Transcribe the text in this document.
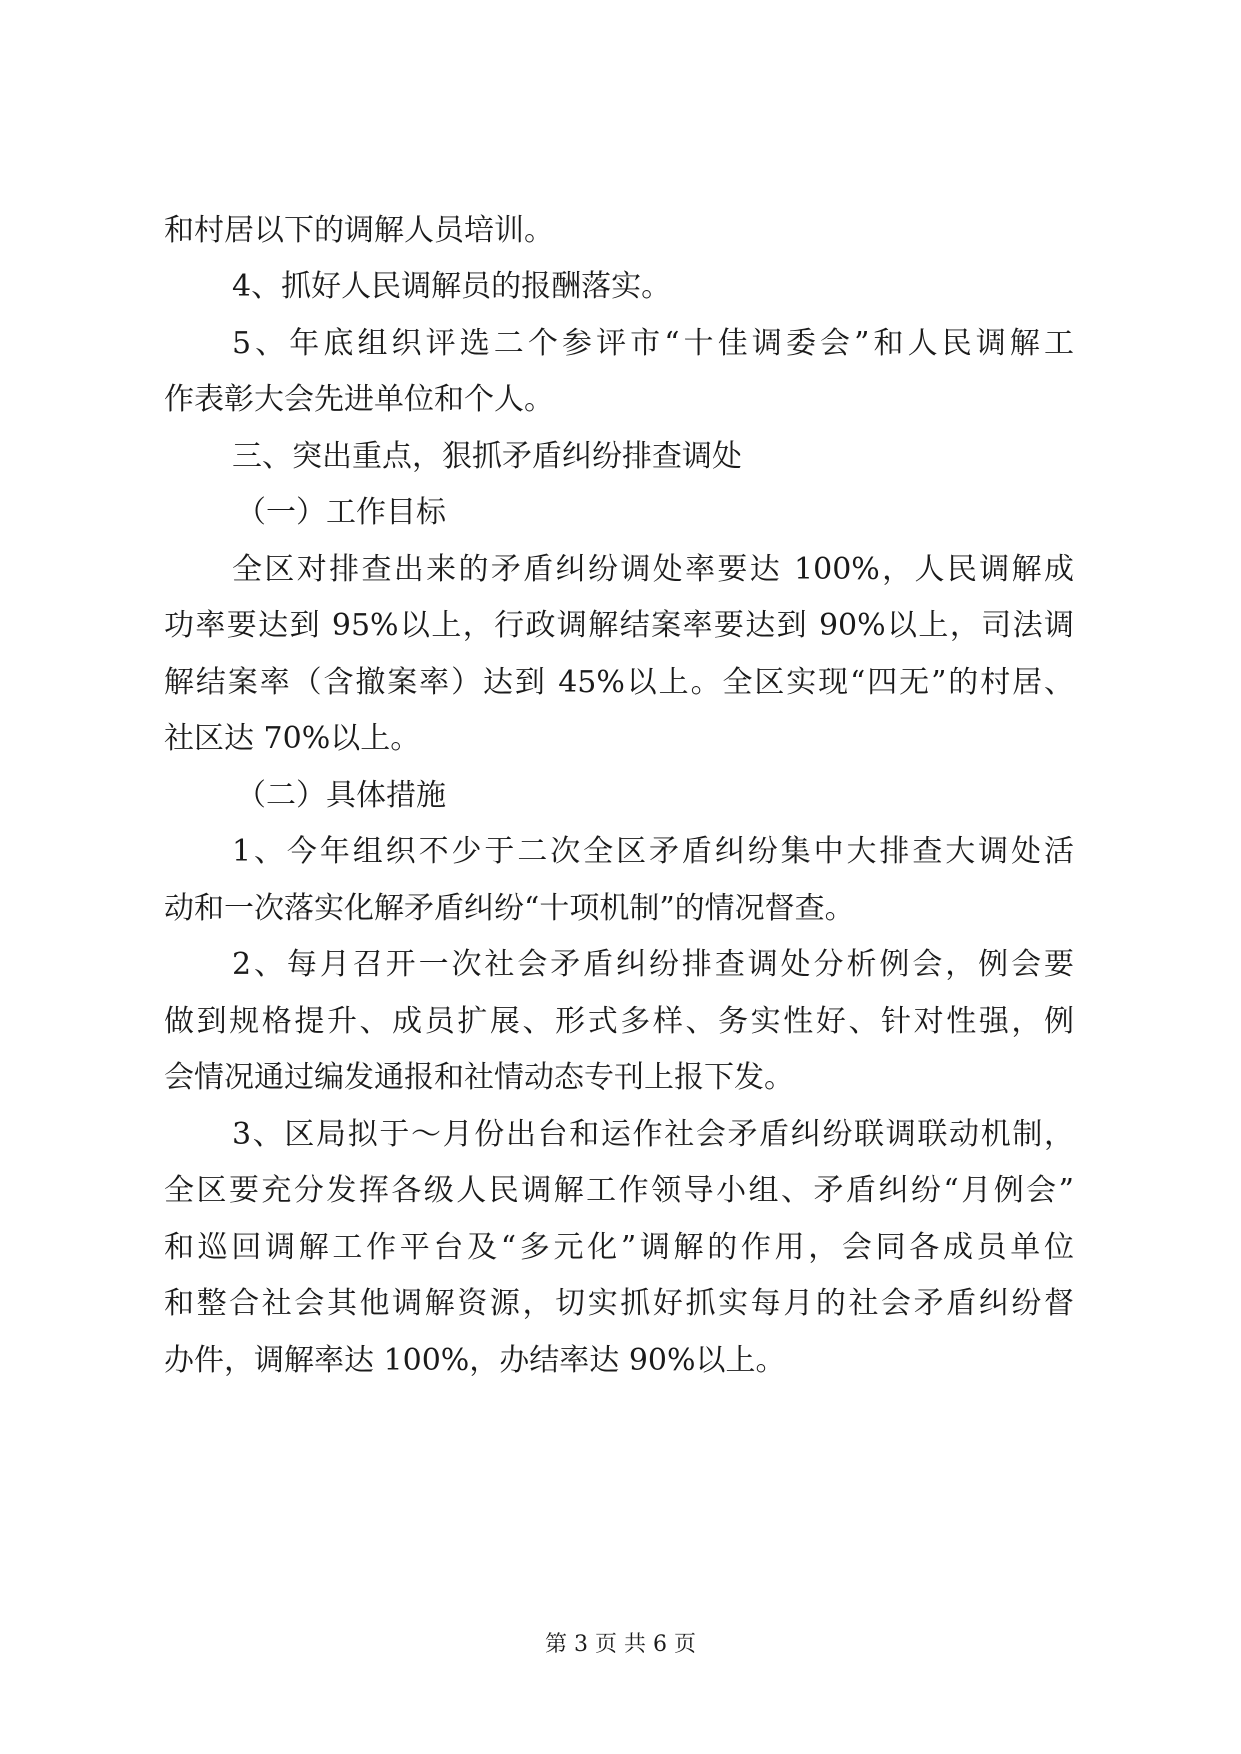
和村居以下的调解人员培训。
4、抓好人民调解员的报酬落实。
5、年底组织评选二个参评市“十佳调委会”和人民调解工
作表彰大会先进单位和个人。
三、突出重点，狠抓矛盾纠纷排查调处
（一）工作目标
全区对排查出来的矛盾纠纷调处率要达 100%，人民调解成
功率要达到 95%以上，行政调解结案率要达到 90%以上，司法调
解结案率（含撤案率）达到 45%以上。全区实现“四无”的村居、
社区达 70%以上。
（二）具体措施
1、今年组织不少于二次全区矛盾纠纷集中大排查大调处活
动和一次落实化解矛盾纠纷“十项机制”的情况督查。
2、每月召开一次社会矛盾纠纷排查调处分析例会，例会要
做到规格提升、成员扩展、形式多样、务实性好、针对性强，例
会情况通过编发通报和社情动态专刊上报下发。
3、区局拟于～月份出台和运作社会矛盾纠纷联调联动机制，
全区要充分发挥各级人民调解工作领导小组、矛盾纠纷“月例会”
和巡回调解工作平台及“多元化”调解的作用，会同各成员单位
和整合社会其他调解资源，切实抓好抓实每月的社会矛盾纠纷督
办件，调解率达 100%，办结率达 90%以上。
第 3 页 共 6 页
